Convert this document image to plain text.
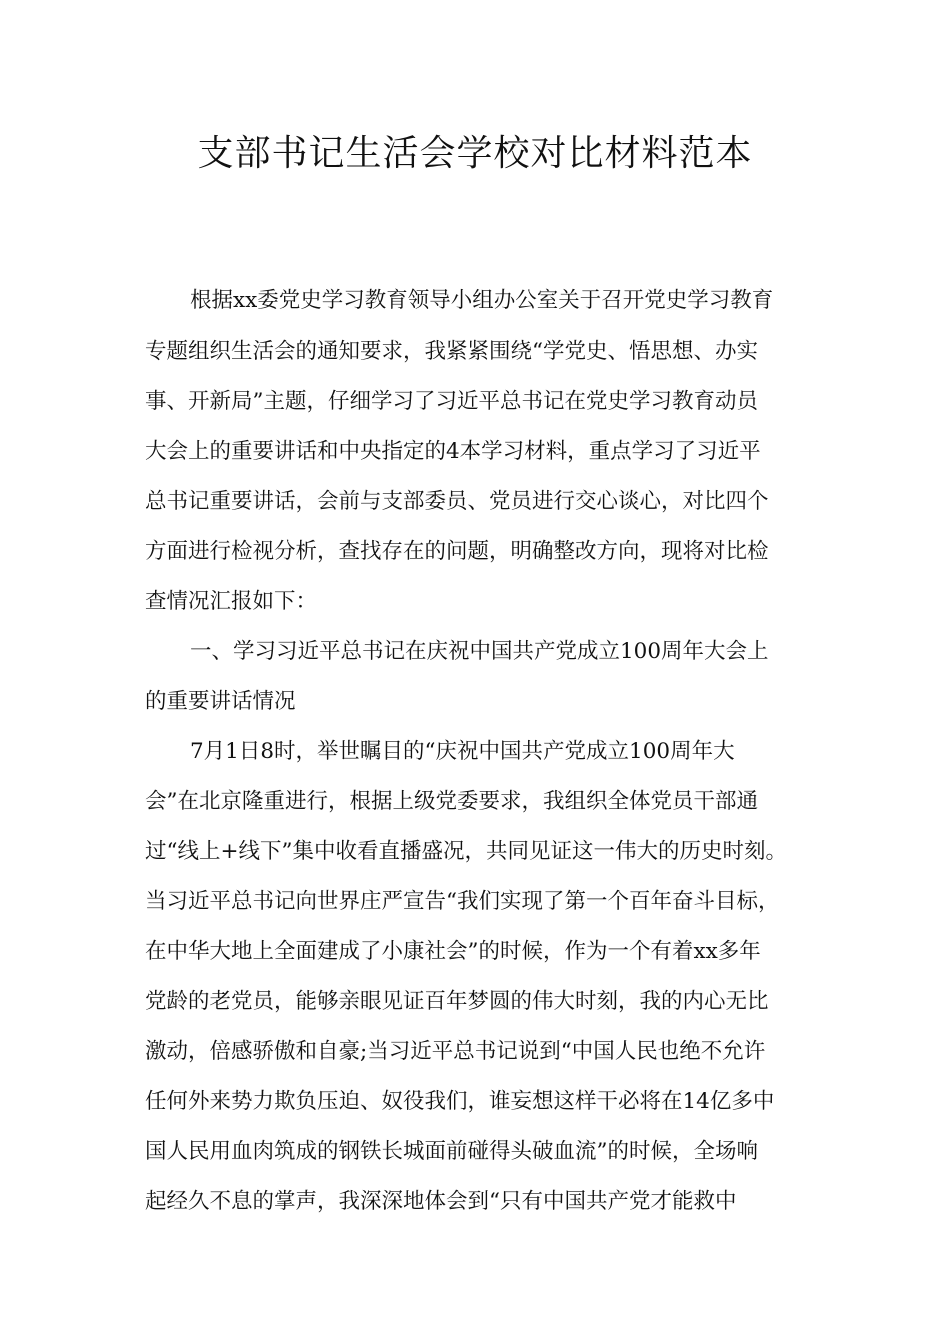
支部书记生活会学校对比材料范本
根据xx委党史学习教育领导小组办公室关于召开党史学习教育
专题组织生活会的通知要求，我紧紧围绕“学党史、悟思想、办实
事、开新局”主题，仔细学习了习近平总书记在党史学习教育动员
大会上的重要讲话和中央指定的4本学习材料，重点学习了习近平
总书记重要讲话，会前与支部委员、党员进行交心谈心，对比四个
方面进行检视分析，查找存在的问题，明确整改方向，现将对比检
查情况汇报如下：
一、学习习近平总书记在庆祝中国共产党成立100周年大会上
的重要讲话情况
7月1日8时，举世瞩目的“庆祝中国共产党成立100周年大
会”在北京隆重进行，根据上级党委要求，我组织全体党员干部通
过“线上+线下”集中收看直播盛况，共同见证这一伟大的历史时刻。
当习近平总书记向世界庄严宣告“我们实现了第一个百年奋斗目标，
在中华大地上全面建成了小康社会”的时候，作为一个有着xx多年
党龄的老党员，能够亲眼见证百年梦圆的伟大时刻，我的内心无比
激动，倍感骄傲和自豪;当习近平总书记说到“中国人民也绝不允许
任何外来势力欺负压迫、奴役我们，谁妄想这样干必将在14亿多中
国人民用血肉筑成的钢铁长城面前碰得头破血流”的时候，全场响
起经久不息的掌声，我深深地体会到“只有中国共产党才能救中
